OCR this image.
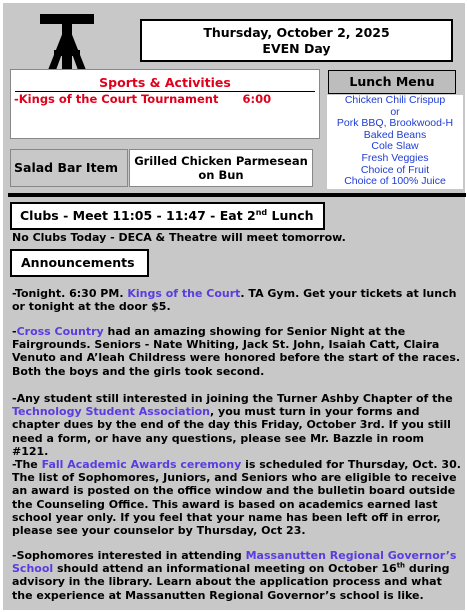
Thursday, October 2, 2025
EVEN Day
Sports & Activities
-Kings of the Court Tournament      6:00
Lunch Menu
Chicken Chili Crispup
or
Pork BBQ, Brookwood-H
Baked Beans
Cole Slaw
Fresh Veggies
Choice of Fruit
Choice of 100% Juice
Salad Bar Item	Grilled Chicken Parmesean
on Bun
Clubs - Meet 11:05 - 11:47 - Eat 2nd Lunch
No Clubs Today - DECA & Theatre will meet tomorrow.
Announcements
-Tonight. 6:30 PM. Kings of the Court. TA Gym. Get your tickets at lunch or tonight at the door $5.
-Cross Country had an amazing showing for Senior Night at the Fairgrounds. Seniors - Nate Whiting, Jack St. John, Isaiah Catt, Claira Venuto and A’leah Childress were honored before the start of the races. Both the boys and the girls took second.
-Any student still interested in joining the Turner Ashby Chapter of the Technology Student Association, you must turn in your forms and chapter dues by the end of the day this Friday, October 3rd. If you still need a form, or have any questions, please see Mr. Bazzle in room #121.
-The Fall Academic Awards ceremony is scheduled for Thursday, Oct. 30. The list of Sophomores, Juniors, and Seniors who are eligible to receive an award is posted on the office window and the bulletin board outside the Counseling Office. This award is based on academics earned last school year only. If you feel that your name has been left off in error, please see your counselor by Thursday, Oct 23.
-Sophomores interested in attending Massanutten Regional Governor’s School should attend an informational meeting on October 16th during advisory in the library. Learn about the application process and what the experience at Massanutten Regional Governor’s school is like.
